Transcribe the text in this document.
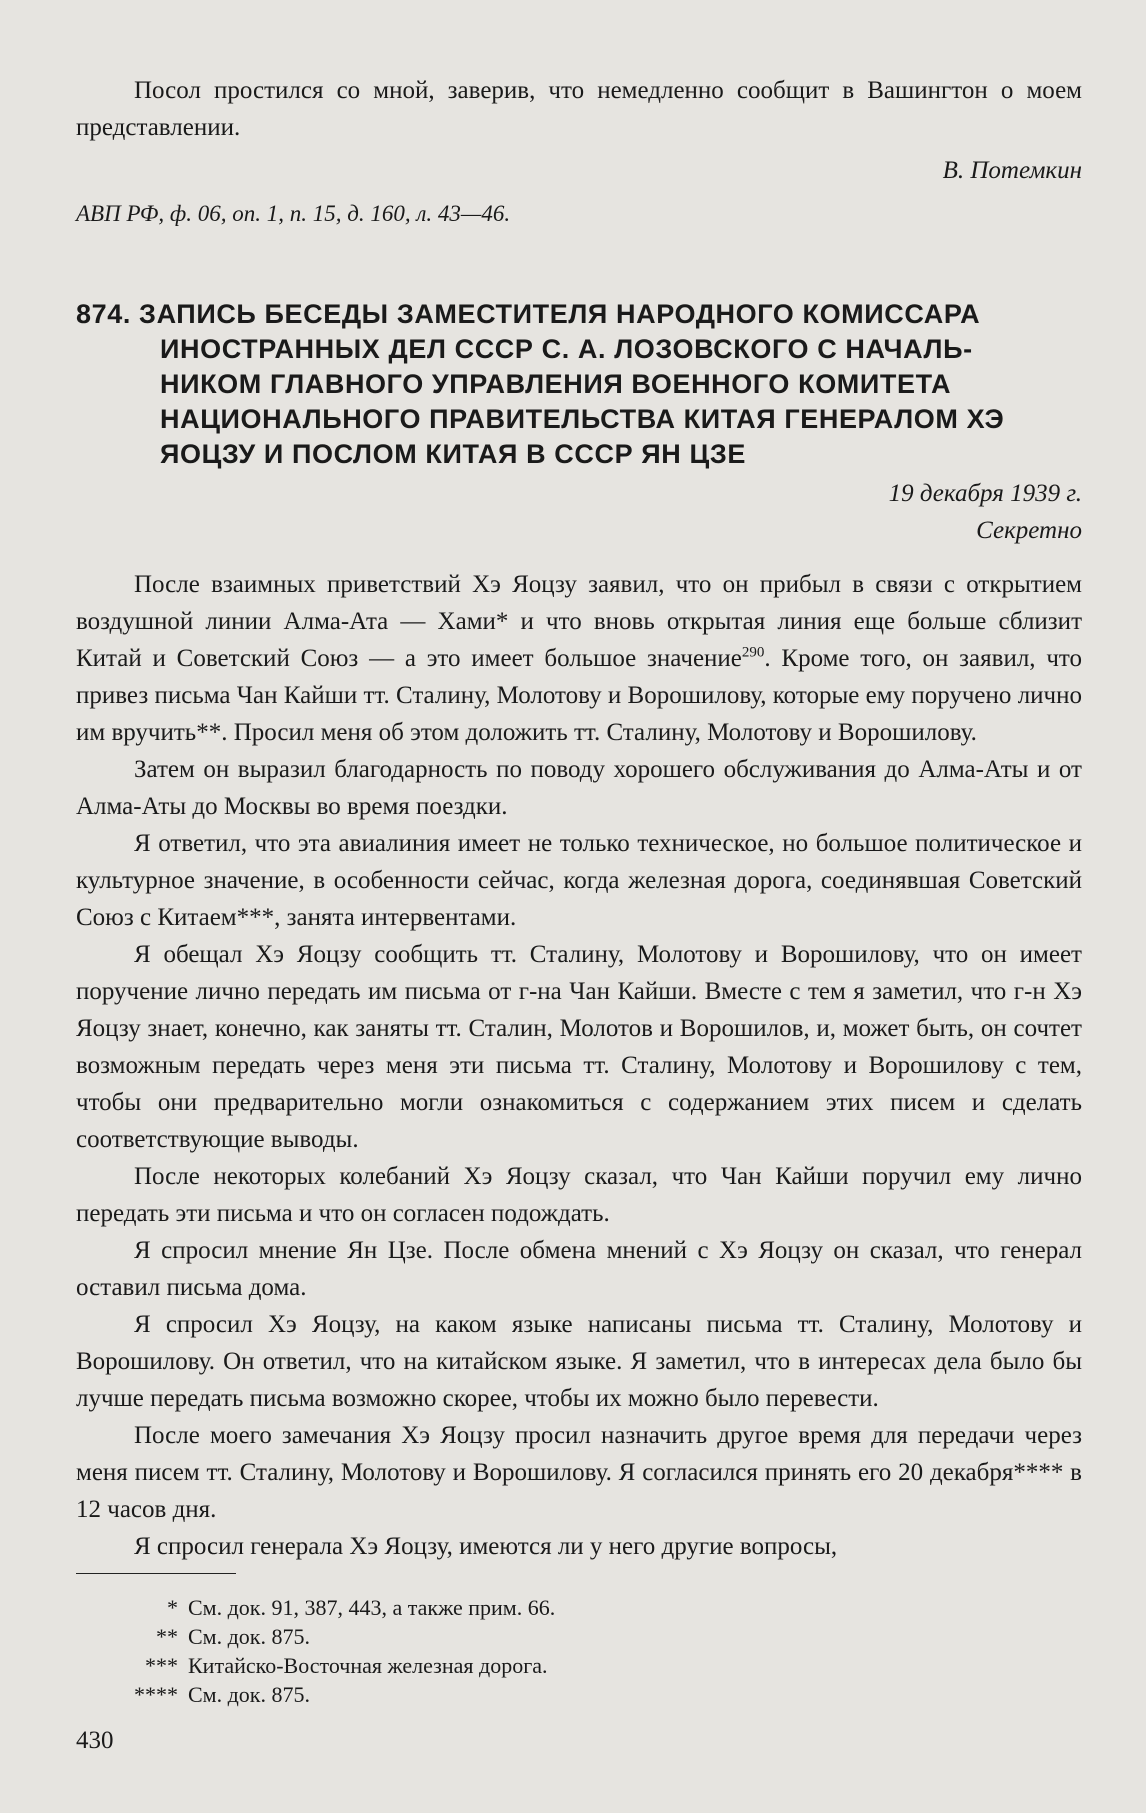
Посол простился со мной, заверив, что немедленно сообщит в Вашингтон о моем представлении.

В. Потемкин

АВП РФ, ф. 06, оп. 1, п. 15, д. 160, л. 43—46.

874. ЗАПИСЬ БЕСЕДЫ ЗАМЕСТИТЕЛЯ НАРОДНОГО КОМИССАРА
ИНОСТРАННЫХ ДЕЛ СССР С. А. ЛОЗОВСКОГО С НАЧАЛЬ-
НИКОМ ГЛАВНОГО УПРАВЛЕНИЯ ВОЕННОГО КОМИТЕТА
НАЦИОНАЛЬНОГО ПРАВИТЕЛЬСТВА КИТАЯ ГЕНЕРАЛОМ ХЭ
ЯОЦЗУ И ПОСЛОМ КИТАЯ В СССР ЯН ЦЗЕ

19 декабря 1939 г.

Секретно

После взаимных приветствий Хэ Яоцзу заявил, что он прибыл в связи с открытием воздушной линии Алма-Ата — Хами* и что вновь открытая линия еще больше сблизит Китай и Советский Союз — а это имеет большое значение$^{290}$. Кроме того, он заявил, что привез письма Чан Кайши тт. Сталину, Молотову и Ворошилову, которые ему поручено лично им вручить**. Просил меня об этом доложить тт. Сталину, Молотову и Ворошилову.

Затем он выразил благодарность по поводу хорошего обслуживания до Алма-Аты и от Алма-Аты до Москвы во время поездки.

Я ответил, что эта авиалиния имеет не только техническое, но большое политическое и культурное значение, в особенности сейчас, когда железная дорога, соединявшая Советский Союз с Китаем***, занята интервентами.

Я обещал Хэ Яоцзу сообщить тт. Сталину, Молотову и Ворошилову, что он имеет поручение лично передать им письма от г-на Чан Кайши. Вместе с тем я заметил, что г-н Хэ Яоцзу знает, конечно, как заняты тт. Сталин, Молотов и Ворошилов, и, может быть, он сочтет возможным передать через меня эти письма тт. Сталину, Молотову и Ворошилову с тем, чтобы они предварительно могли ознакомиться с содержанием этих писем и сделать соответствующие выводы.

После некоторых колебаний Хэ Яоцзу сказал, что Чан Кайши поручил ему лично передать эти письма и что он согласен подождать.

Я спросил мнение Ян Цзе. После обмена мнений с Хэ Яоцзу он сказал, что генерал оставил письма дома.

Я спросил Хэ Яоцзу, на каком языке написаны письма тт. Сталину, Молотову и Ворошилову. Он ответил, что на китайском языке. Я заметил, что в интересах дела было бы лучше передать письма возможно скорее, чтобы их можно было перевести.

После моего замечания Хэ Яоцзу просил назначить другое время для передачи через меня писем тт. Сталину, Молотову и Ворошилову. Я согласился принять его 20 декабря**** в 12 часов дня.

Я спросил генерала Хэ Яоцзу, имеются ли у него другие вопросы,

* См. док. 91, 387, 443, а также прим. 66.
** См. док. 875.
*** Китайско-Восточная железная дорога.
**** См. док. 875.
430
